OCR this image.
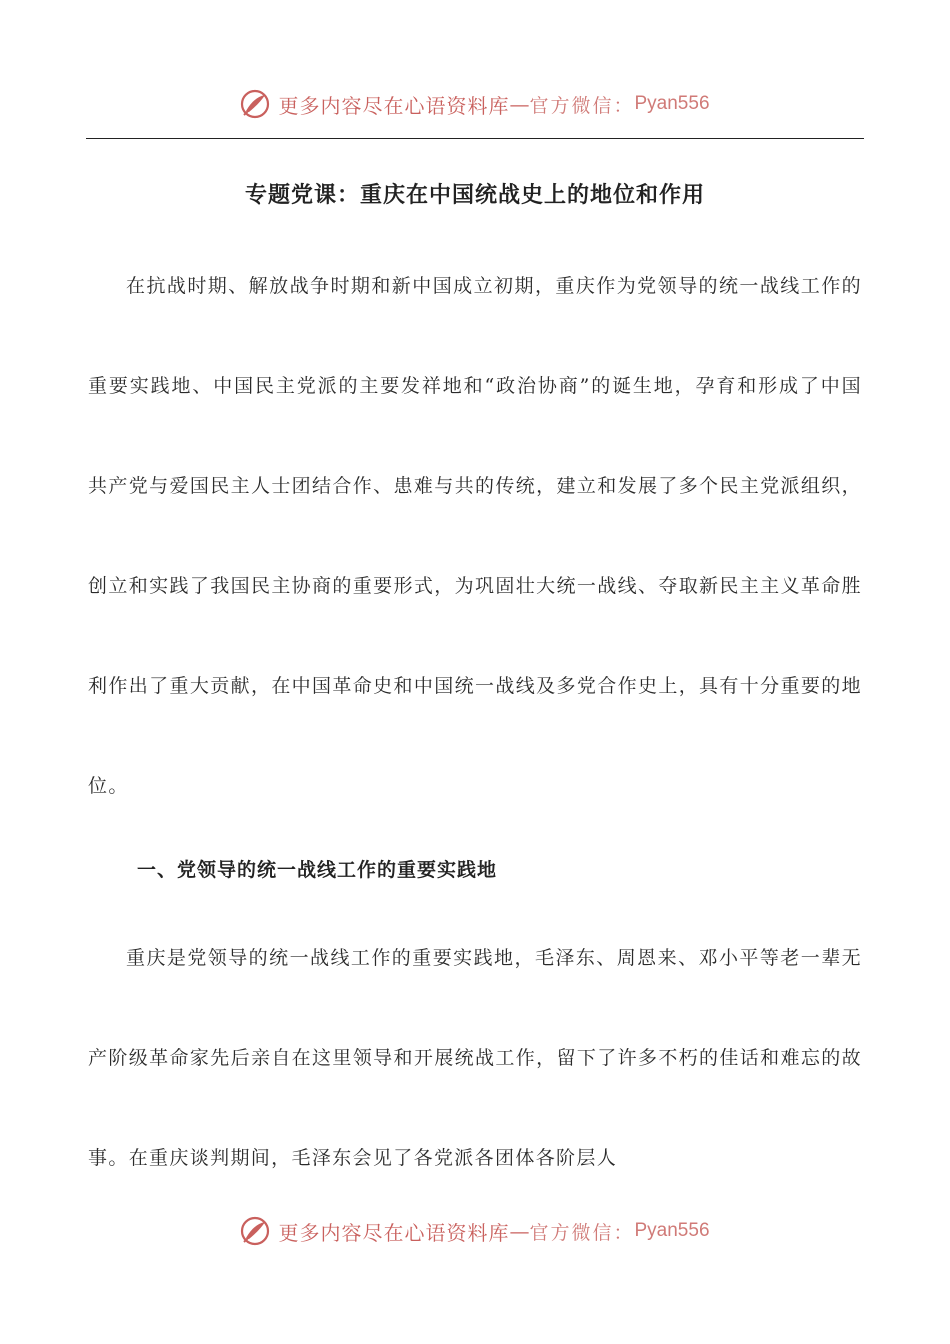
更多内容尽在心语资料库 — 官方微信： Pyan556
专题党课：重庆在中国统战史上的地位和作用

在抗战时期、解放战争时期和新中国成立初期，重庆作为党领导的统一战线工作的重要实践地、中国民主党派的主要发祥地和“政治协商”的诞生地，孕育和形成了中国共产党与爱国民主人士团结合作、患难与共的传统，建立和发展了多个民主党派组织，创立和实践了我国民主协商的重要形式，为巩固壮大统一战线、夺取新民主主义革命胜利作出了重大贡献，在中国革命史和中国统一战线及多党合作史上，具有十分重要的地位。

一、党领导的统一战线工作的重要实践地

重庆是党领导的统一战线工作的重要实践地，毛泽东、周恩来、邓小平等老一辈无产阶级革命家先后亲自在这里领导和开展统战工作，留下了许多不朽的佳话和难忘的故事。在重庆谈判期间，毛泽东会见了各党派各团体各阶层人

更多内容尽在心语资料库 — 官方微信： Pyan556
